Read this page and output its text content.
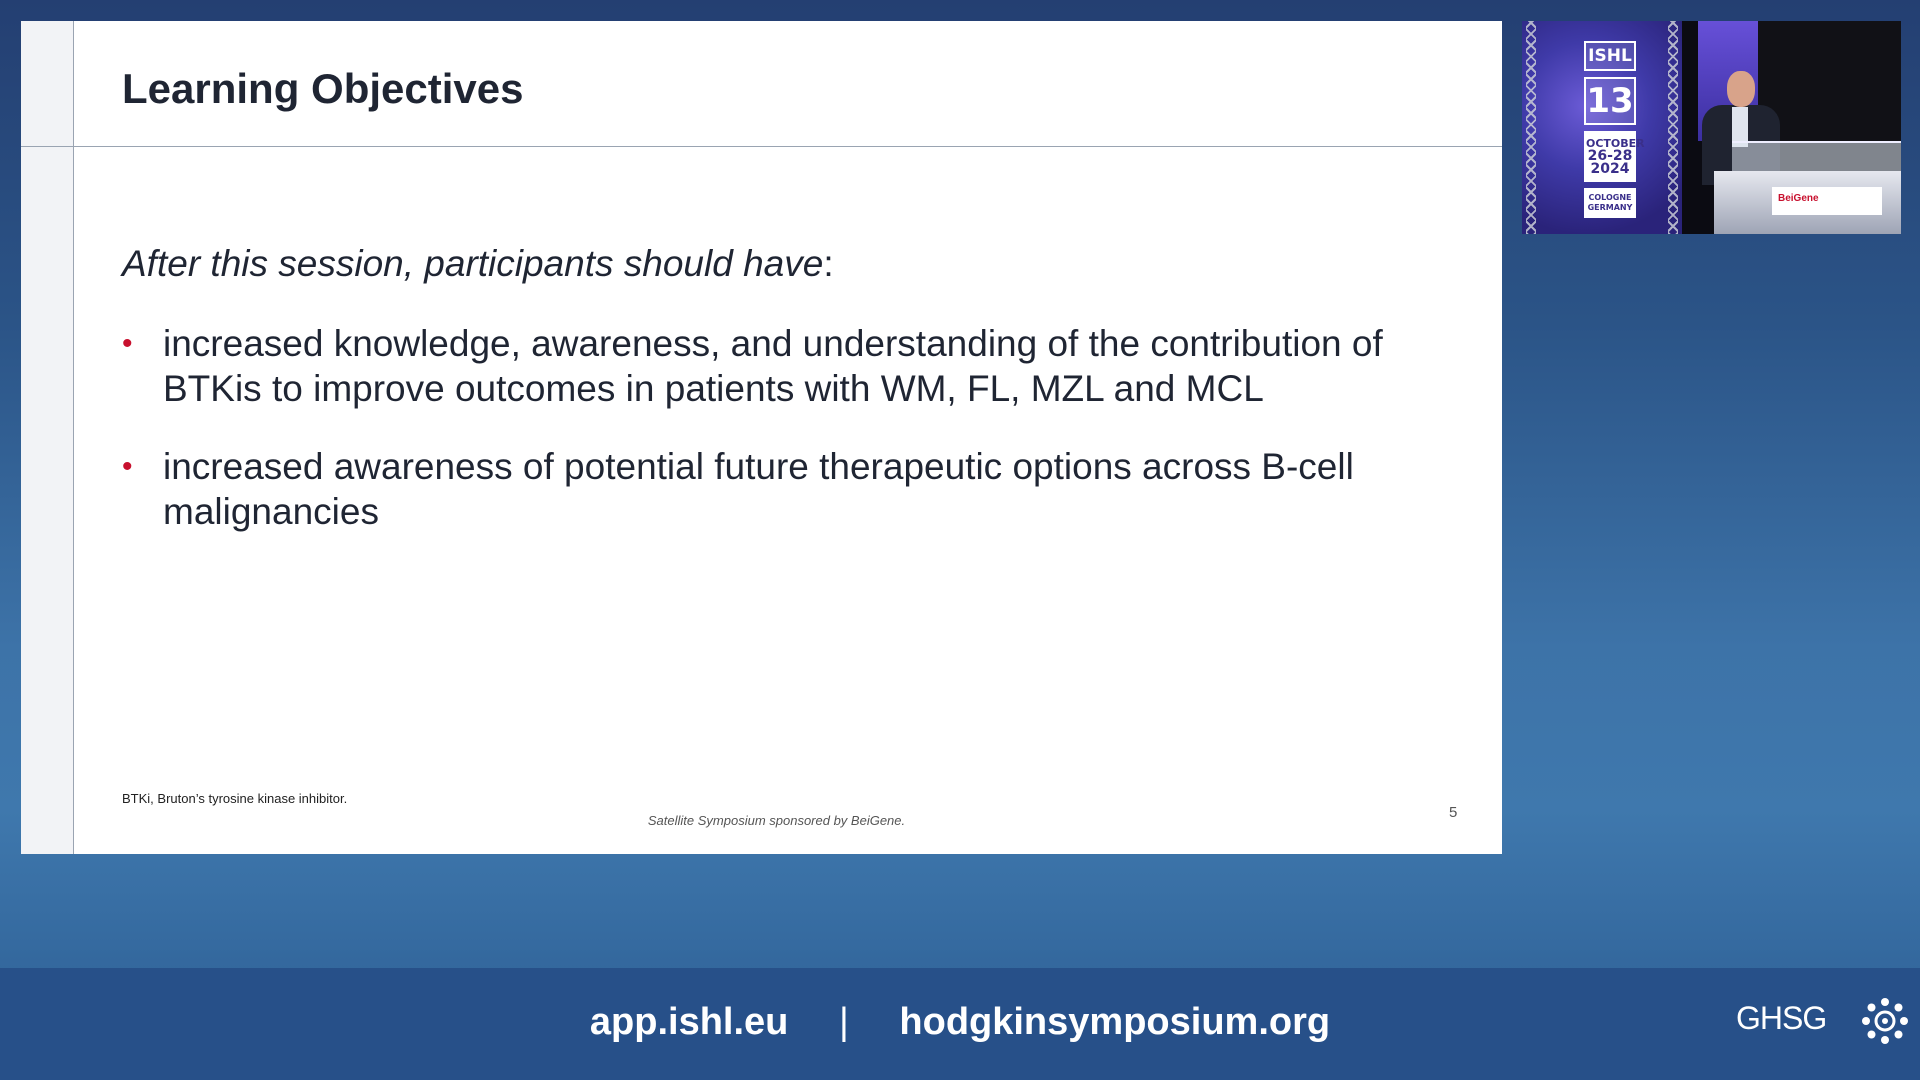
Learning Objectives
After this session, participants should have:
• increased knowledge, awareness, and understanding of the contribution of BTKis to improve outcomes in patients with WM, FL, MZL and MCL
• increased awareness of potential future therapeutic options across B-cell malignancies
BTKi, Bruton’s tyrosine kinase inhibitor.
Satellite Symposium sponsored by BeiGene.	5
ISHL
13
OCTOBER
26-28
2024
COLOGNE
GERMANY
BeiGene
app.ishl.eu | hodgkinsymposium.org	GHSG
